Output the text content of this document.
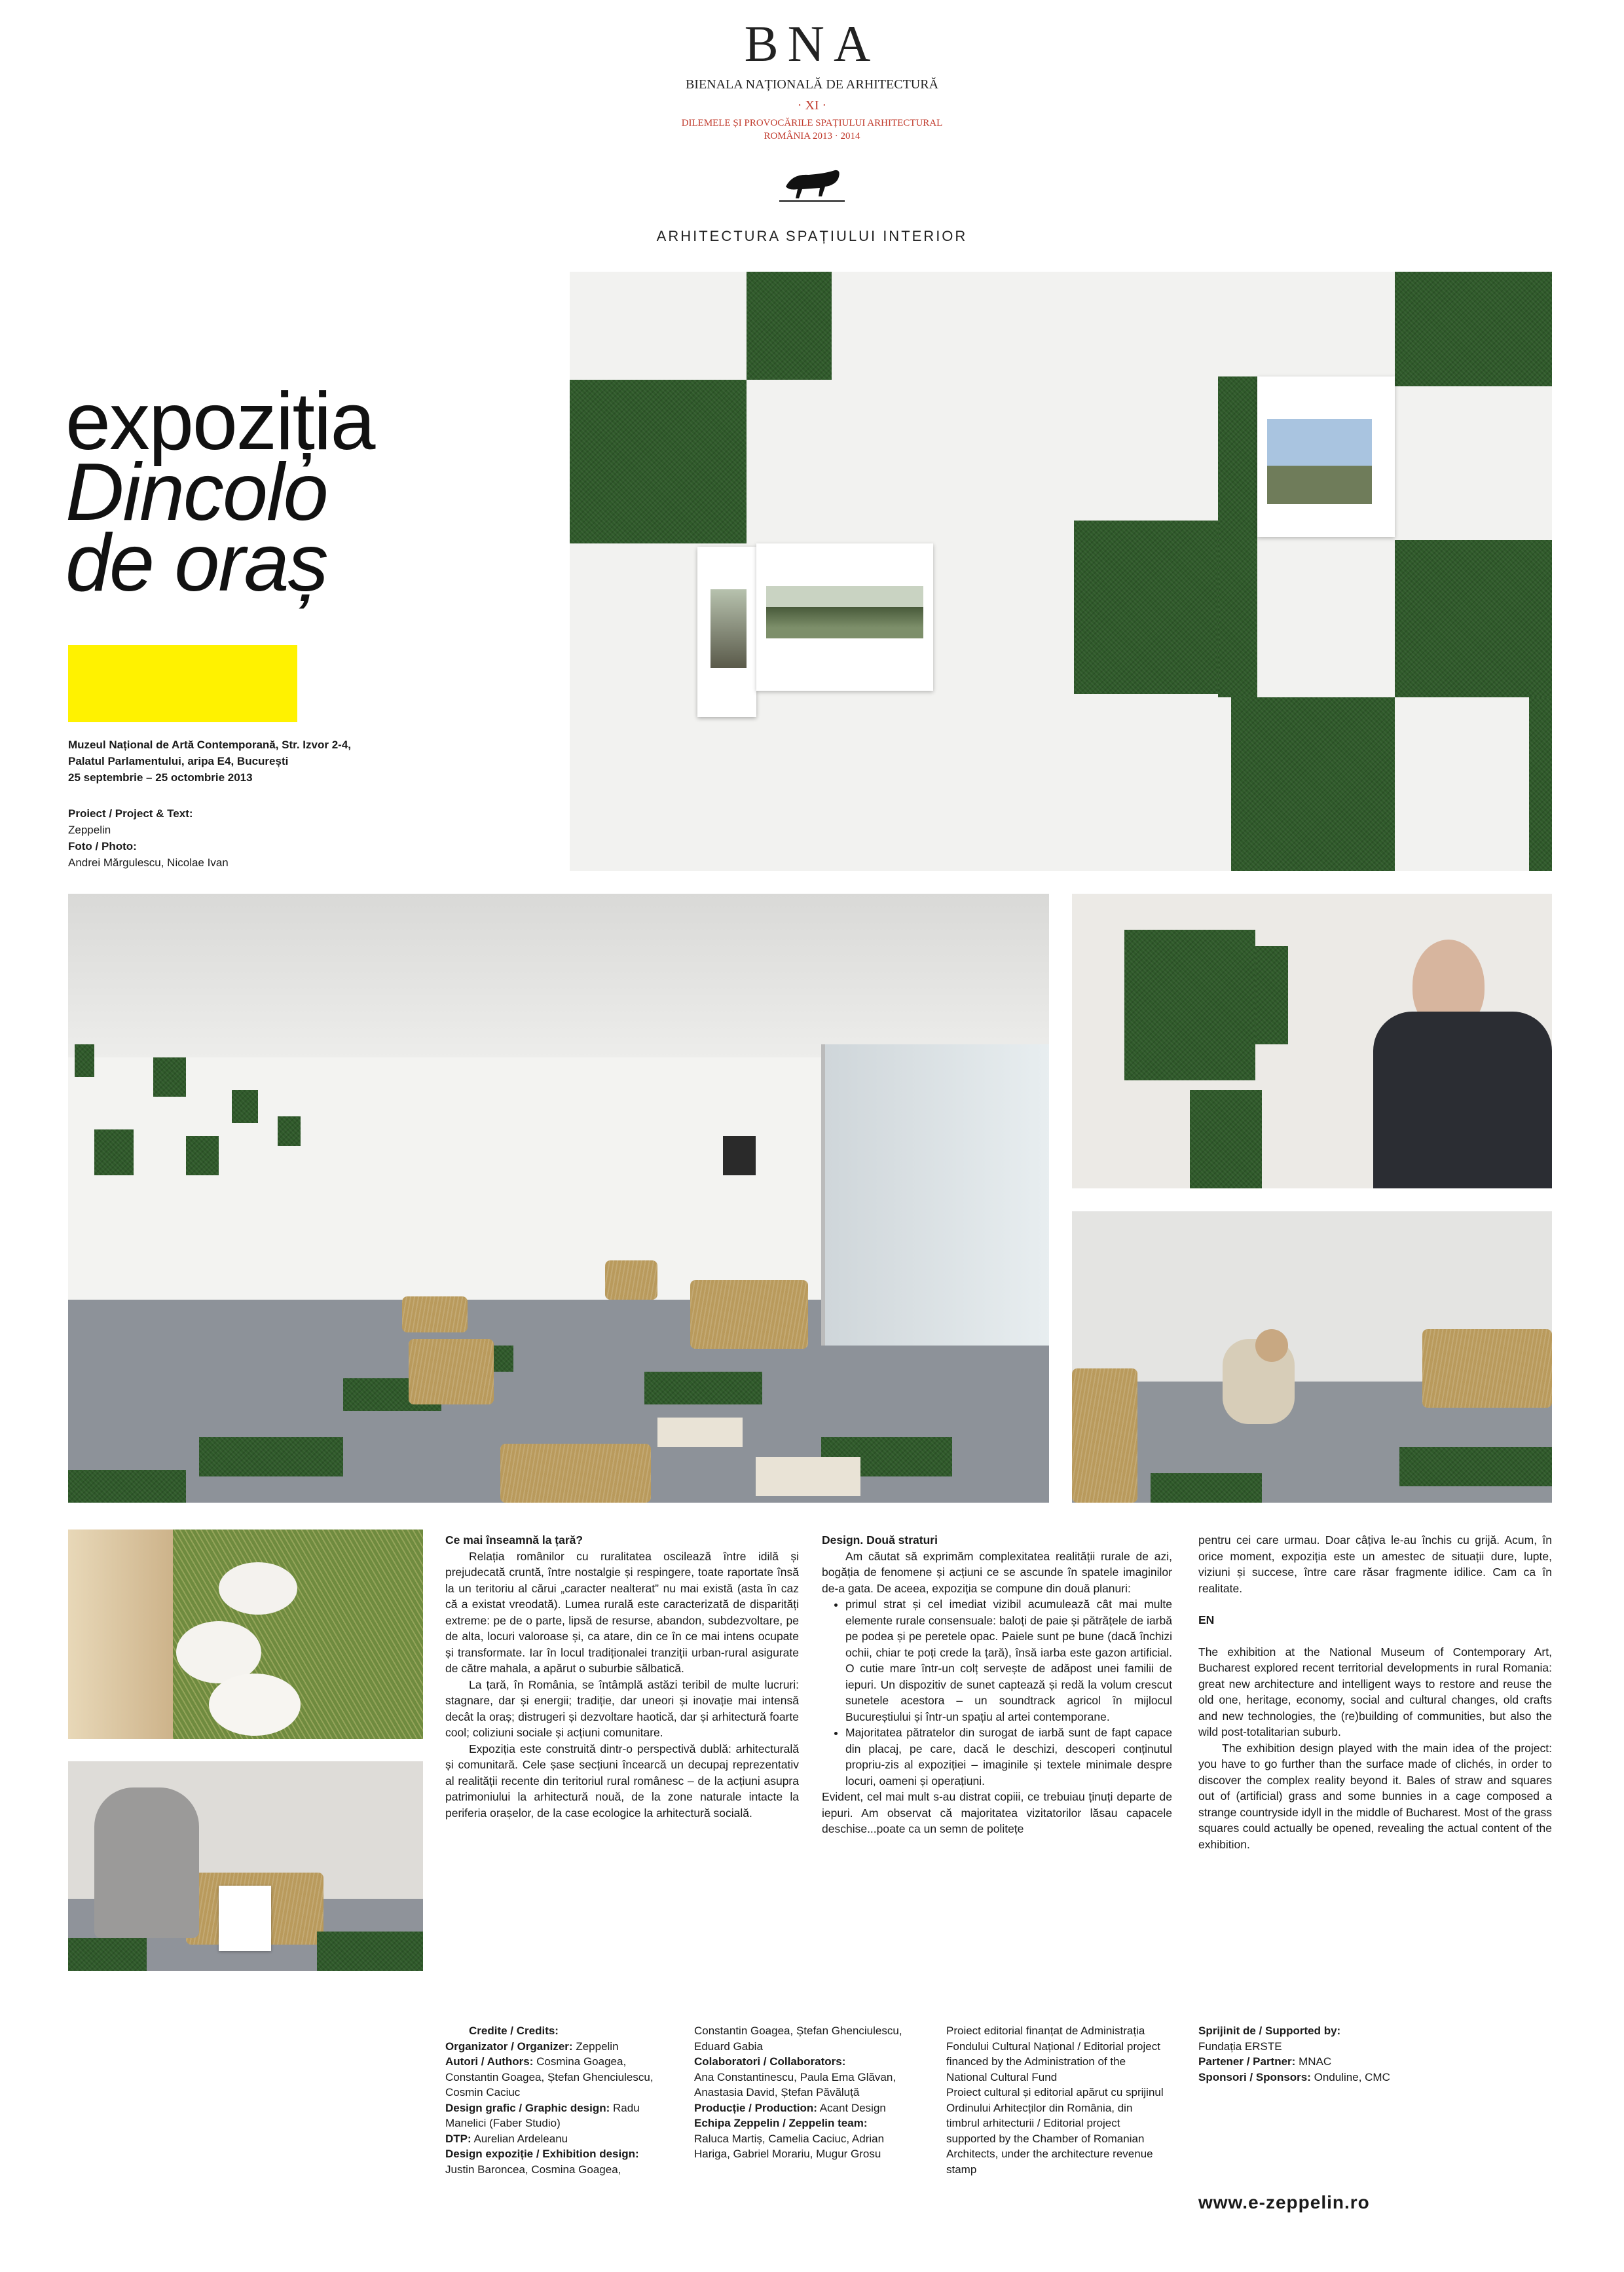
BNA
BIENALA NAȚIONALĂ DE ARHITECTURĂ
· XI ·
DILEMELE ȘI PROVOCĂRILE SPAȚIULUI ARHITECTURAL
ROMÂNIA 2013 · 2014
ARHITECTURA SPAȚIULUI INTERIOR
expoziția
Dincolo
de oraș
Muzeul Național de Artă Contemporană, Str. Izvor 2-4,
Palatul Parlamentului, aripa E4, București
25 septembrie – 25 octombrie 2013
Proiect / Project & Text:
Zeppelin
Foto / Photo:
Andrei Mărgulescu, Nicolae Ivan
Ce mai înseamnă la țară?

Relația românilor cu ruralitatea oscilează între idilă și prejudecată cruntă, între nostalgie și respingere, toate raportate însă la un teritoriu al cărui „caracter nealterat” nu mai există (asta în caz că a existat vreodată). Lumea rurală este caracterizată de disparități extreme: pe de o parte, lipsă de resurse, abandon, subdezvoltare, pe de alta, locuri valoroase și, ca atare, din ce în ce mai intens ocupate și transformate. Iar în locul tradiționalei tranziții urban-rural asigurate de către mahala, a apărut o suburbie sălbatică.

La țară, în România, se întâmplă astăzi teribil de multe lucruri: stagnare, dar și energii; tradiție, dar uneori și inovație mai intensă decât la oraș; distrugeri și dezvoltare haotică, dar și arhitectură foarte cool; coliziuni sociale și acțiuni comunitare.

Expoziția este construită dintr-o perspectivă dublă: arhitecturală și comunitară. Cele șase secțiuni încearcă un decupaj reprezentativ al realității recente din teritoriul rural românesc – de la acțiuni asupra patrimoniului la arhitectură nouă, de la zone naturale intacte la periferia orașelor, de la case ecologice la arhitectură socială.

Design. Două straturi

Am căutat să exprimăm complexitatea realității rurale de azi, bogăția de fenomene și acțiuni ce se ascunde în spatele imaginilor de-a gata. De aceea, expoziția se compune din două planuri:

• primul strat și cel imediat vizibil acumulează cât mai multe elemente rurale consensuale: baloți de paie și pătrățele de iarbă pe podea și pe peretele opac. Paiele sunt pe bune (dacă închizi ochii, chiar te poți crede la țară), însă iarba este gazon artificial. O cutie mare într-un colț servește de adăpost unei familii de iepuri. Un dispozitiv de sunet captează și redă la volum crescut sunetele acestora – un soundtrack agricol în mijlocul Bucureștiului și într-un spațiu al artei contemporane.
• Majoritatea pătratelor din surogat de iarbă sunt de fapt capace din placaj, pe care, dacă le deschizi, descoperi conținutul propriu-zis al expoziției – imaginile și textele minimale despre locuri, oameni și operațiuni.

Evident, cel mai mult s-au distrat copiii, ce trebuiau ținuți departe de iepuri. Am observat că majoritatea vizitatorilor lăsau capacele deschise...poate ca un semn de politețe

pentru cei care urmau. Doar câțiva le-au închis cu grijă. Acum, în orice moment, expoziția este un amestec de situații dure, lupte, viziuni și succese, între care răsar fragmente idilice. Cam ca în realitate.

EN

The exhibition at the National Museum of Contemporary Art, Bucharest explored recent territorial developments in rural Romania: great new architecture and intelligent ways to restore and reuse the old one, heritage, economy, social and cultural changes, old crafts and new technologies, the (re)building of communities, but also the wild post-totalitarian suburb.

The exhibition design played with the main idea of the project: you have to go further than the surface made of clichés, in order to discover the complex reality beyond it. Bales of straw and squares out of (artificial) grass and some bunnies in a cage composed a strange countryside idyll in the middle of Bucharest. Most of the grass squares could actually be opened, revealing the actual content of the exhibition.

Credite / Credits:
Organizator / Organizer: Zeppelin
Autori / Authors: Cosmina Goagea, Constantin Goagea, Ștefan Ghenciulescu, Cosmin Caciuc
Design grafic / Graphic design: Radu Manelici (Faber Studio)
DTP: Aurelian Ardeleanu
Design expoziție / Exhibition design: Justin Baroncea, Cosmina Goagea,
Constantin Goagea, Ștefan Ghenciulescu, Eduard Gabia
Colaboratori / Collaborators:
Ana Constantinescu, Paula Ema Glăvan, Anastasia David, Ștefan Păvăluță
Producție / Production: Acant Design
Echipa Zeppelin / Zeppelin team:
Raluca Martiș, Camelia Caciuc, Adrian Hariga, Gabriel Morariu, Mugur Grosu
Proiect editorial finanțat de Administrația Fondului Cultural Național / Editorial project financed by the Administration of the National Cultural Fund
Proiect cultural și editorial apărut cu sprijinul Ordinului Arhitecților din România, din timbrul arhitecturii / Editorial project supported by the Chamber of Romanian Architects, under the architecture revenue stamp
Sprijinit de / Supported by:
Fundația ERSTE
Partener / Partner: MNAC
Sponsori / Sponsors: Onduline, CMC
www.e-zeppelin.ro
